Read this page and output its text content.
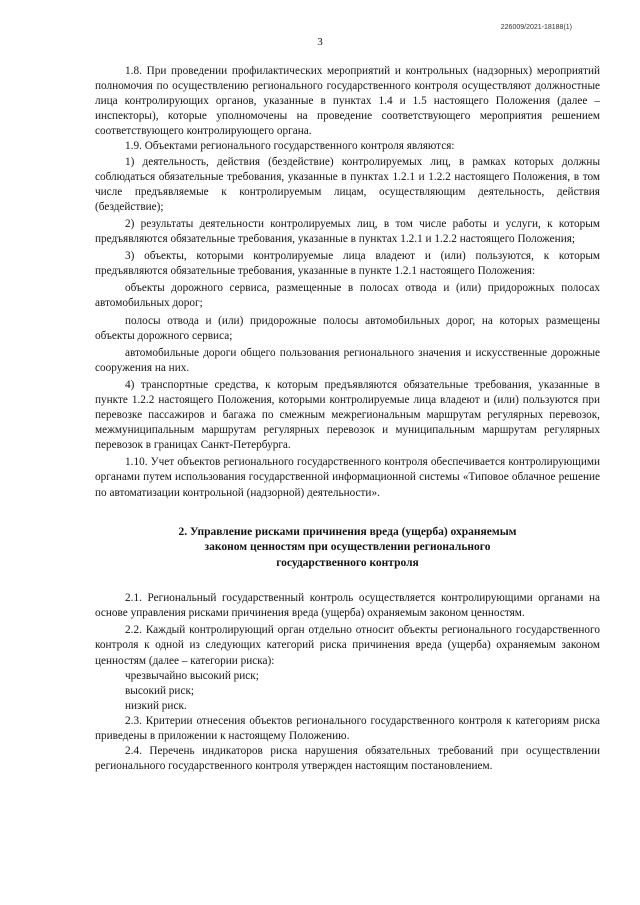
226009/2021-18188(1)
3

1.8. При проведении профилактических мероприятий и контрольных (надзорных) мероприятий полномочия по осуществлению регионального государственного контроля осуществляют должностные лица контролирующих органов, указанные в пунктах 1.4 и 1.5 настоящего Положения (далее – инспекторы), которые уполномочены на проведение соответствующего мероприятия решением соответствующего контролирующего органа.

1.9. Объектами регионального государственного контроля являются:

1) деятельность, действия (бездействие) контролируемых лиц, в рамках которых должны соблюдаться обязательные требования, указанные в пунктах 1.2.1 и 1.2.2 настоящего Положения, в том числе предъявляемые к контролируемым лицам, осуществляющим деятельность, действия (бездействие);

2) результаты деятельности контролируемых лиц, в том числе работы и услуги, к которым предъявляются обязательные требования, указанные в пунктах 1.2.1 и 1.2.2 настоящего Положения;

3) объекты, которыми контролируемые лица владеют и (или) пользуются, к которым предъявляются обязательные требования, указанные в пункте 1.2.1 настоящего Положения:

объекты дорожного сервиса, размещенные в полосах отвода и (или) придорожных полосах автомобильных дорог;

полосы отвода и (или) придорожные полосы автомобильных дорог, на которых размещены объекты дорожного сервиса;

автомобильные дороги общего пользования регионального значения и искусственные дорожные сооружения на них.

4) транспортные средства, к которым предъявляются обязательные требования, указанные в пункте 1.2.2 настоящего Положения, которыми контролируемые лица владеют и (или) пользуются при перевозке пассажиров и багажа по смежным межрегиональным маршрутам регулярных перевозок, межмуниципальным маршрутам регулярных перевозок и муниципальным маршрутам регулярных перевозок в границах Санкт-Петербурга.

1.10. Учет объектов регионального государственного контроля обеспечивается контролирующими органами путем использования государственной информационной системы «Типовое облачное решение по автоматизации контрольной (надзорной) деятельности».

2. Управление рисками причинения вреда (ущерба) охраняемым
законом ценностям при осуществлении регионального
государственного контроля

2.1. Региональный государственный контроль осуществляется контролирующими органами на основе управления рисками причинения вреда (ущерба) охраняемым законом ценностям.

2.2. Каждый контролирующий орган отдельно относит объекты регионального государственного контроля к одной из следующих категорий риска причинения вреда (ущерба) охраняемым законом ценностям (далее – категории риска):

чрезвычайно высокий риск;

высокий риск;

низкий риск.

2.3. Критерии отнесения объектов регионального государственного контроля к категориям риска приведены в приложении к настоящему Положению.

2.4. Перечень индикаторов риска нарушения обязательных требований при осуществлении регионального государственного контроля утвержден настоящим постановлением.
